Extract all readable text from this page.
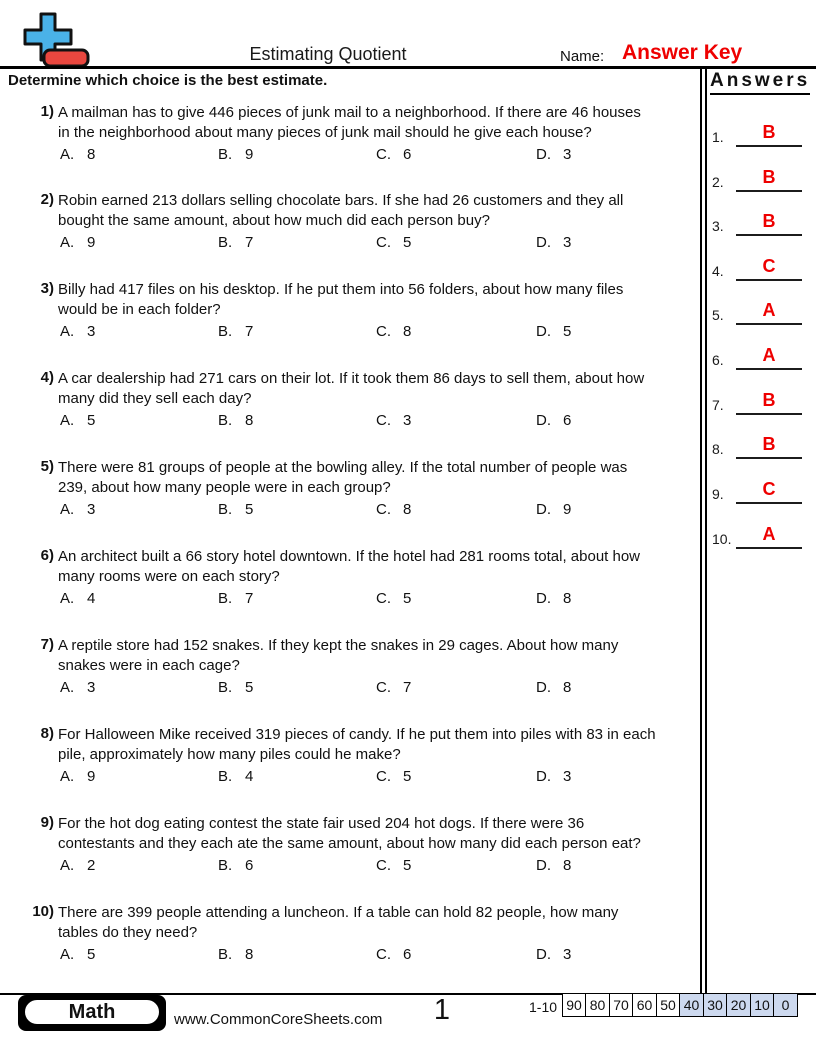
Estimating Quotient	Name: Answer Key
Determine which choice is the best estimate.	Answers
1.	B
2.	B
3.	B
4.	C
5.	A
6.	A
7.	B
8.	B
9.	C
10.	A
1) A mailman has to give 446 pieces of junk mail to a neighborhood. If there are 46 houses
in the neighborhood about many pieces of junk mail should he give each house?
A. 8	B. 9	C. 6	D. 3
2) Robin earned 213 dollars selling chocolate bars. If she had 26 customers and they all
bought the same amount, about how much did each person buy?
A. 9	B. 7	C. 5	D. 3
3) Billy had 417 files on his desktop. If he put them into 56 folders, about how many files
would be in each folder?
A. 3	B. 7	C. 8	D. 5
4) A car dealership had 271 cars on their lot. If it took them 86 days to sell them, about how
many did they sell each day?
A. 5	B. 8	C. 3	D. 6
5) There were 81 groups of people at the bowling alley. If the total number of people was
239, about how many people were in each group?
A. 3	B. 5	C. 8	D. 9
6) An architect built a 66 story hotel downtown. If the hotel had 281 rooms total, about how
many rooms were on each story?
A. 4	B. 7	C. 5	D. 8
7) A reptile store had 152 snakes. If they kept the snakes in 29 cages. About how many
snakes were in each cage?
A. 3	B. 5	C. 7	D. 8
8) For Halloween Mike received 319 pieces of candy. If he put them into piles with 83 in each
pile, approximately how many piles could he make?
A. 9	B. 4	C. 5	D. 3
9) For the hot dog eating contest the state fair used 204 hot dogs. If there were 36
contestants and they each ate the same amount, about how many did each person eat?
A. 2	B. 6	C. 5	D. 8
10) There are 399 people attending a luncheon. If a table can hold 82 people, how many
tables do they need?
A. 5	B. 8	C. 6	D. 3
Math	www.CommonCoreSheets.com	1	1-10 90 80 70 60 50 40 30 20 10 0
